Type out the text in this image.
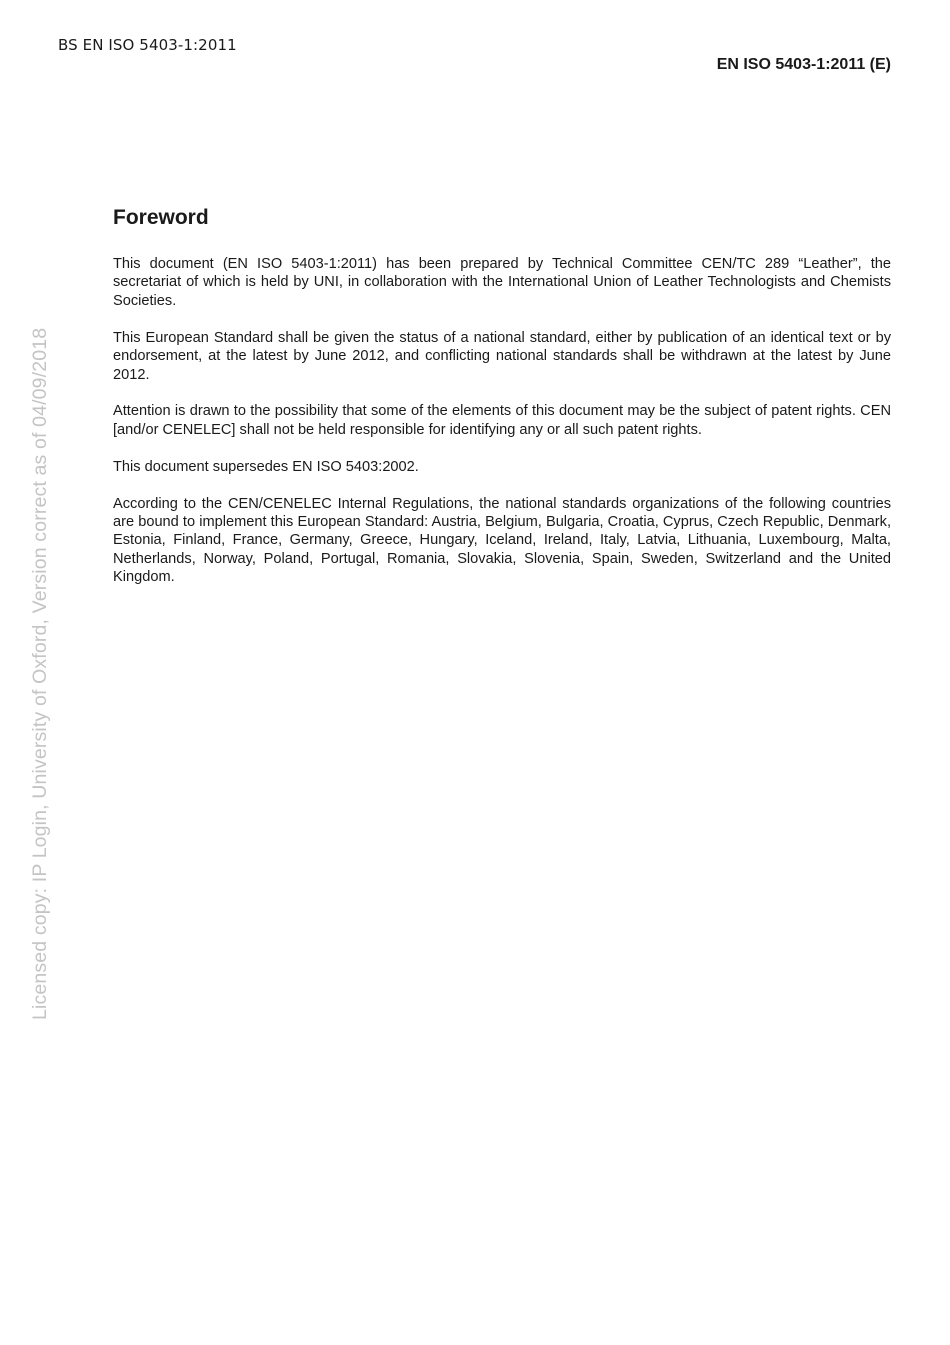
BS EN ISO 5403-1:2011
EN ISO 5403-1:2011 (E)
Licensed copy: IP Login, University of Oxford, Version correct as of 04/09/2018
Foreword

This document (EN ISO 5403-1:2011) has been prepared by Technical Committee CEN/TC 289 “Leather”, the secretariat of which is held by UNI, in collaboration with the International Union of Leather Technologists and Chemists Societies.

This European Standard shall be given the status of a national standard, either by publication of an identical text or by endorsement, at the latest by June 2012, and conflicting national standards shall be withdrawn at the latest by June 2012.

Attention is drawn to the possibility that some of the elements of this document may be the subject of patent rights. CEN [and/or CENELEC] shall not be held responsible for identifying any or all such patent rights.

This document supersedes EN ISO 5403:2002.

According to the CEN/CENELEC Internal Regulations, the national standards organizations of the following countries are bound to implement this European Standard: Austria, Belgium, Bulgaria, Croatia, Cyprus, Czech Republic, Denmark, Estonia, Finland, France, Germany, Greece, Hungary, Iceland, Ireland, Italy, Latvia, Lithuania, Luxembourg, Malta, Netherlands, Norway, Poland, Portugal, Romania, Slovakia, Slovenia, Spain, Sweden, Switzerland and the United Kingdom.
